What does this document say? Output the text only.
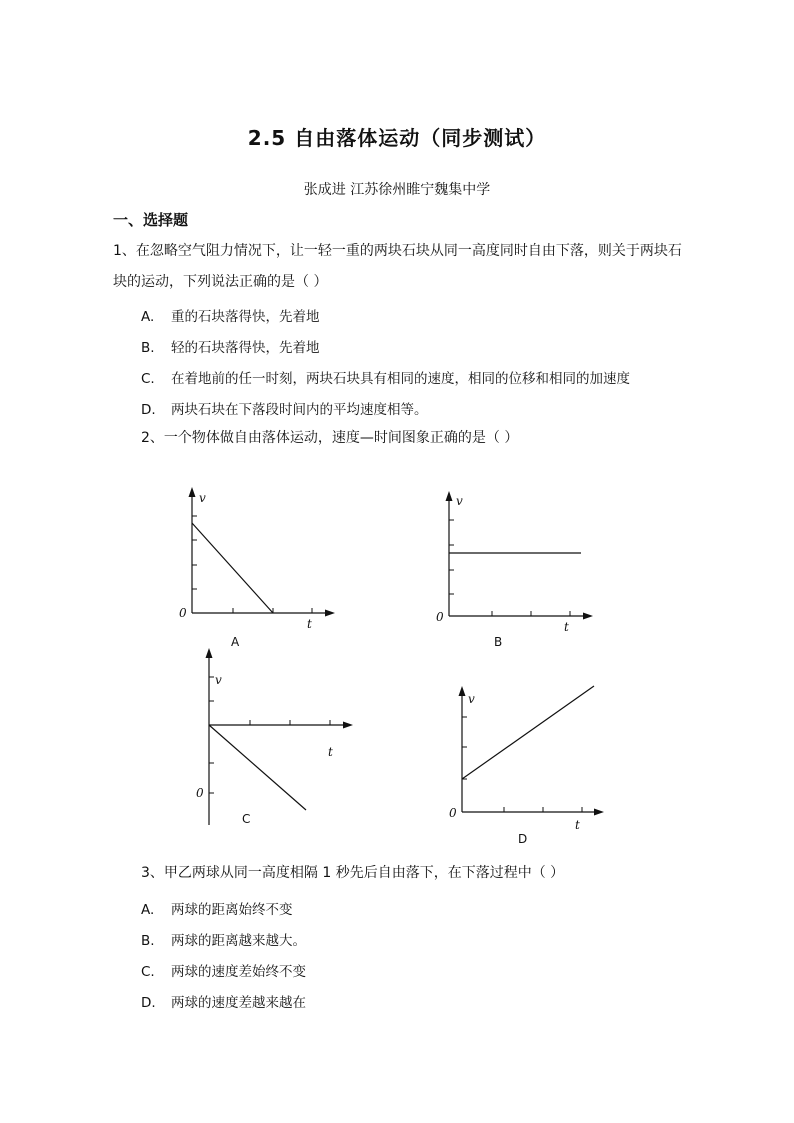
2.5 自由落体运动（同步测试）
张成进 江苏徐州睢宁魏集中学
一、选择题
1、在忽略空气阻力情况下，让一轻一重的两块石块从同一高度同时自由下落，则关于两块石
块的运动，下列说法正确的是（ ）
A. 重的石块落得快，先着地
B. 轻的石块落得快，先着地
C. 在着地前的任一时刻，两块石块具有相同的速度，相同的位移和相同的加速度
D. 两块石块在下落段时间内的平均速度相等。
2、一个物体做自由落体运动，速度—时间图象正确的是（ ）
v
t
0
A
v
t
0
B
v
t
0
C
v
t
0
D
3、甲乙两球从同一高度相隔 1 秒先后自由落下，在下落过程中（ ）
A. 两球的距离始终不变
B. 两球的距离越来越大。
C. 两球的速度差始终不变
D. 两球的速度差越来越在
